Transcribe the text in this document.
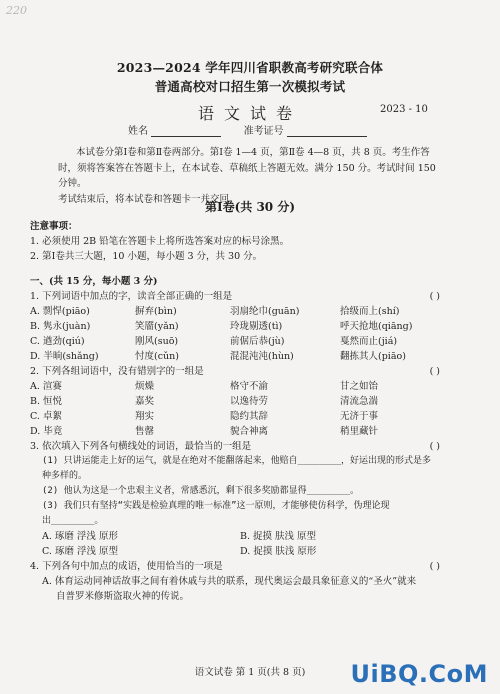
220
2023—2024 学年四川省职教高考研究联合体
普通高校对口招生第一次模拟考试
语文试卷	2023 - 10
姓名	准考证号

本试卷分第Ⅰ卷和第Ⅱ卷两部分。第Ⅰ卷 1—4 页，第Ⅱ卷 4—8 页，共 8 页。考生作答

时，须将答案答在答题卡上，在本试卷、草稿纸上答题无效。满分 150 分。考试时间 150 分钟。

考试结束后，将本试卷和答题卡一并交回。

第Ⅰ卷(共 30 分)

注意事项：

1. 必须使用 2B 铅笔在答题卡上将所选答案对应的标号涂黑。

2. 第Ⅰ卷共三大题，10 小题，每小题 3 分，共 30 分。

一、(共 15 分，每小题 3 分)

1. 下列词语中加点的字，读音全部正确的一组是	( )
A. 剽悍(piāo)	摒弃(bìn)	羽扇纶巾(guān)	拾级而上(shí)
B. 隽永(juàn)	笑靥(yǎn)	玲珑剔透(tì)	呼天抢地(qiāng)
C. 遒劲(qiú)	刚风(suō)	前倨后恭(jù)	戛然而止(jiá)
D. 半晌(shǎng)	忖度(cǔn)	混混沌沌(hùn)	翻拣其人(piāo)

2. 下列各组词语中，没有错别字的一组是	( )
A. 渲赛	烦燥	格守不渝	甘之如饴
B. 恒悦	嘉奖	以逸待劳	清流急湍
C. 卓絮	翔实	隐约其辞	无济于事
D. 毕竟	售罄	貌合神离	稍里藏针

3. 依次填入下列各句横线处的词语，最恰当的一组是	( )

(1) 只讲运能走上好的运气，就是在绝对不能翻落起来，他赔自________，好运出现的形式是多

种多样的。

(2) 他认为这是一个忠艰主义者，常感悉沉，剩下很多奖励都显得________。

(3) 我们只有坚持“实践是检验真理的唯一标准”这一原则，才能够使仿科学，伪理论现

出________。

A. 琢磨 浮浅 原形	B. 捉摸 肤浅 原型
C. 琢磨 浮浅 原型	D. 捉摸 肤浅 原形

4. 下列各句中加点的成语，使用恰当的一项是	( )

A. 体育运动同神话故事之间有着休戚与共的联系，现代奥运会最具象征意义的“圣火”就来

自普罗米修斯盗取火神的传说。

语文试卷 第 1 页(共 8 页)	UiBQ.CoM
